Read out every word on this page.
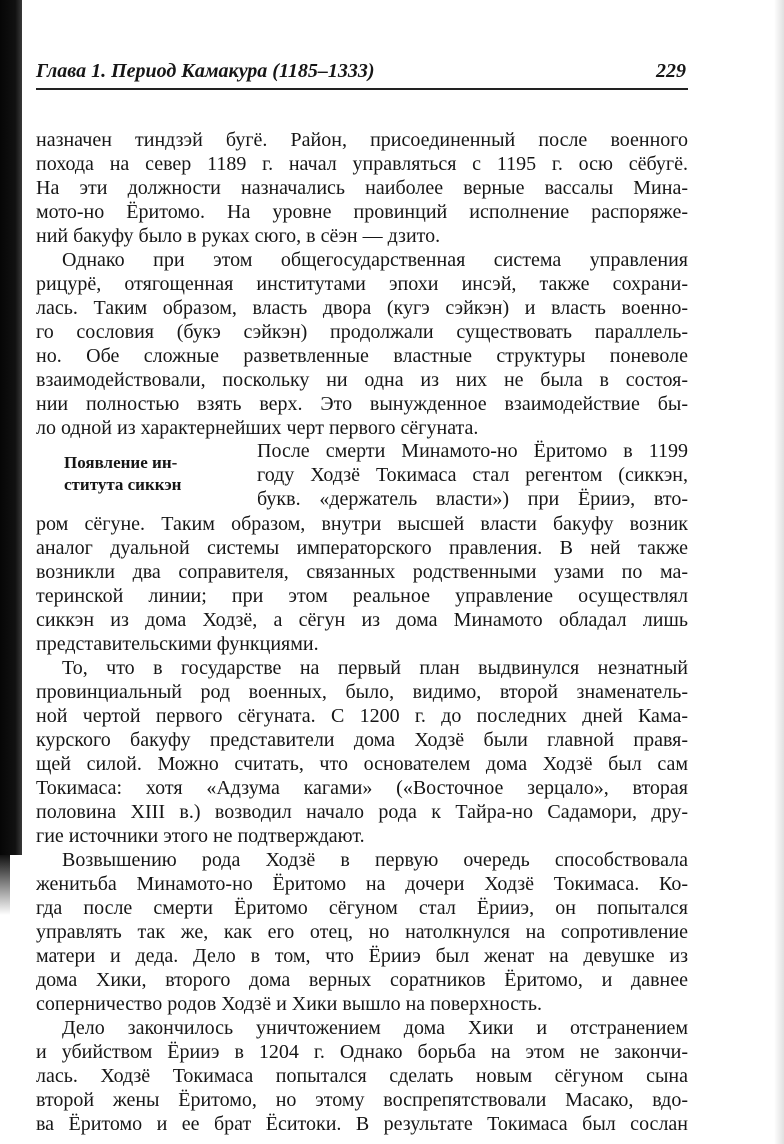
Глава 1. Период Камакура (1185–1333)	229
назначен тиндзэй бугё. Район, присоединенный после военного
похода на север 1189 г. начал управляться с 1195 г. осю сёбугё.
На эти должности назначались наиболее верные вассалы Мина-
мото-но Ёритомо. На уровне провинций исполнение распоряже-
ний бакуфу было в руках сюго, в сёэн — дзито.
Однако при этом общегосударственная система управления
рицурё, отягощенная институтами эпохи инсэй, также сохрани-
лась. Таким образом, власть двора (кугэ сэйкэн) и власть военно-
го сословия (букэ сэйкэн) продолжали существовать параллель-
но. Обе сложные разветвленные властные структуры поневоле
взаимодействовали, поскольку ни одна из них не была в состоя-
нии полностью взять верх. Это вынужденное взаимодействие бы-
ло одной из характернейших черт первого сёгуната.
Появление ин-
ститута сиккэн
После смерти Минамото-но Ёритомо в 1199
году Ходзё Токимаса стал регентом (сиккэн,
букв. «держатель власти») при Ёрииэ, вто-
ром сёгуне. Таким образом, внутри высшей власти бакуфу возник
аналог дуальной системы императорского правления. В ней также
возникли два соправителя, связанных родственными узами по ма-
теринской линии; при этом реальное управление осуществлял
сиккэн из дома Ходзё, а сёгун из дома Минамото обладал лишь
представительскими функциями.
То, что в государстве на первый план выдвинулся незнатный
провинциальный род военных, было, видимо, второй знаменатель-
ной чертой первого сёгуната. С 1200 г. до последних дней Кама-
курского бакуфу представители дома Ходзё были главной правя-
щей силой. Можно считать, что основателем дома Ходзё был сам
Токимаса: хотя «Адзума кагами» («Восточное зерцало», вторая
половина XIII в.) возводил начало рода к Тайра-но Садамори, дру-
гие источники этого не подтверждают.
Возвышению рода Ходзё в первую очередь способствовала
женитьба Минамото-но Ёритомо на дочери Ходзё Токимаса. Ко-
гда после смерти Ёритомо сёгуном стал Ёрииэ, он попытался
управлять так же, как его отец, но натолкнулся на сопротивление
матери и деда. Дело в том, что Ёрииэ был женат на девушке из
дома Хики, второго дома верных соратников Ёритомо, и давнее
соперничество родов Ходзё и Хики вышло на поверхность.
Дело закончилось уничтожением дома Хики и отстранением
и убийством Ёрииэ в 1204 г. Однако борьба на этом не закончи-
лась. Ходзё Токимаса попытался сделать новым сёгуном сына
второй жены Ёритомо, но этому воспрепятствовали Масако, вдо-
ва Ёритомо и ее брат Ёситоки. В результате Токимаса был сослан
